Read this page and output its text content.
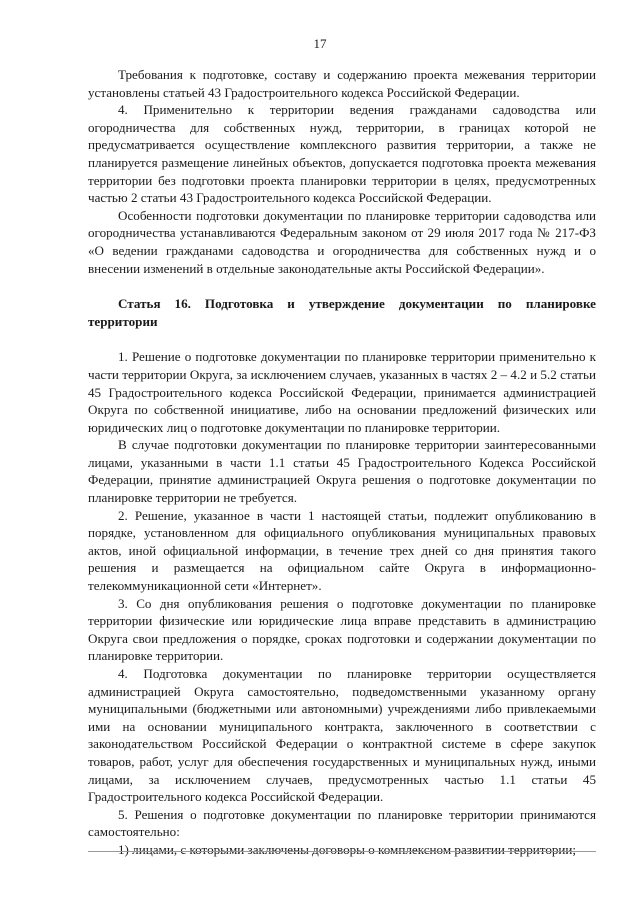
17

Требования к подготовке, составу и содержанию проекта межевания территории установлены статьей 43 Градостроительного кодекса Российской Федерации.

4. Применительно к территории ведения гражданами садоводства или огородничества для собственных нужд, территории, в границах которой не предусматривается осуществление комплексного развития территории, а также не планируется размещение линейных объектов, допускается подготовка проекта межевания территории без подготовки проекта планировки территории в целях, предусмотренных частью 2 статьи 43 Градостроительного кодекса Российской Федерации.

Особенности подготовки документации по планировке территории садоводства или огородничества устанавливаются Федеральным законом от 29 июля 2017 года № 217-ФЗ «О ведении гражданами садоводства и огородничества для собственных нужд и о внесении изменений в отдельные законодательные акты Российской Федерации».

Статья 16. Подготовка и утверждение документации по планировке территории

1. Решение о подготовке документации по планировке территории применительно к части территории Округа, за исключением случаев, указанных в частях 2 – 4.2 и 5.2 статьи 45 Градостроительного кодекса Российской Федерации, принимается администрацией Округа по собственной инициативе, либо на основании предложений физических или юридических лиц о подготовке документации по планировке территории.

В случае подготовки документации по планировке территории заинтересованными лицами, указанными в части 1.1 статьи 45 Градостроительного Кодекса Российской Федерации, принятие администрацией Округа решения о подготовке документации по планировке территории не требуется.

2. Решение, указанное в части 1 настоящей статьи, подлежит опубликованию в порядке, установленном для официального опубликования муниципальных правовых актов, иной официальной информации, в течение трех дней со дня принятия такого решения и размещается на официальном сайте Округа в информационно-телекоммуникационной сети «Интернет».

3. Со дня опубликования решения о подготовке документации по планировке территории физические или юридические лица вправе представить в администрацию Округа свои предложения о порядке, сроках подготовки и содержании документации по планировке территории.

4. Подготовка документации по планировке территории осуществляется администрацией Округа самостоятельно, подведомственными указанному органу муниципальными (бюджетными или автономными) учреждениями либо привлекаемыми ими на основании муниципального контракта, заключенного в соответствии с законодательством Российской Федерации о контрактной системе в сфере закупок товаров, работ, услуг для обеспечения государственных и муниципальных нужд, иными лицами, за исключением случаев, предусмотренных частью 1.1 статьи 45 Градостроительного кодекса Российской Федерации.

5. Решения о подготовке документации по планировке территории принимаются самостоятельно:

1) лицами, с которыми заключены договоры о комплексном развитии территории;
